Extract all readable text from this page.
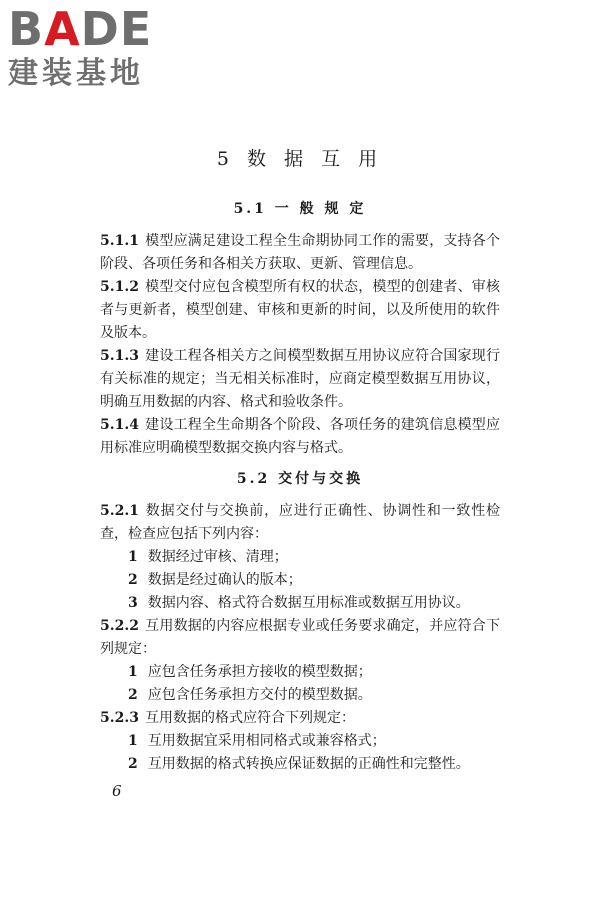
BADE
建装基地
5 数 据 互 用
5.1 一 般 规 定

5.1.1 模型应满足建设工程全生命期协同工作的需要，支持各个阶段、各项任务和各相关方获取、更新、管理信息。

5.1.2 模型交付应包含模型所有权的状态，模型的创建者、审核者与更新者，模型创建、审核和更新的时间，以及所使用的软件及版本。

5.1.3 建设工程各相关方之间模型数据互用协议应符合国家现行有关标准的规定；当无相关标准时，应商定模型数据互用协议，明确互用数据的内容、格式和验收条件。

5.1.4 建设工程全生命期各个阶段、各项任务的建筑信息模型应用标准应明确模型数据交换内容与格式。

5.2 交付与交换

5.2.1 数据交付与交换前，应进行正确性、协调性和一致性检查，检查应包括下列内容：

1 数据经过审核、清理；

2 数据是经过确认的版本；

3 数据内容、格式符合数据互用标准或数据互用协议。

5.2.2 互用数据的内容应根据专业或任务要求确定，并应符合下列规定：

1 应包含任务承担方接收的模型数据；

2 应包含任务承担方交付的模型数据。

5.2.3 互用数据的格式应符合下列规定：

1 互用数据宜采用相同格式或兼容格式；

2 互用数据的格式转换应保证数据的正确性和完整性。

6
